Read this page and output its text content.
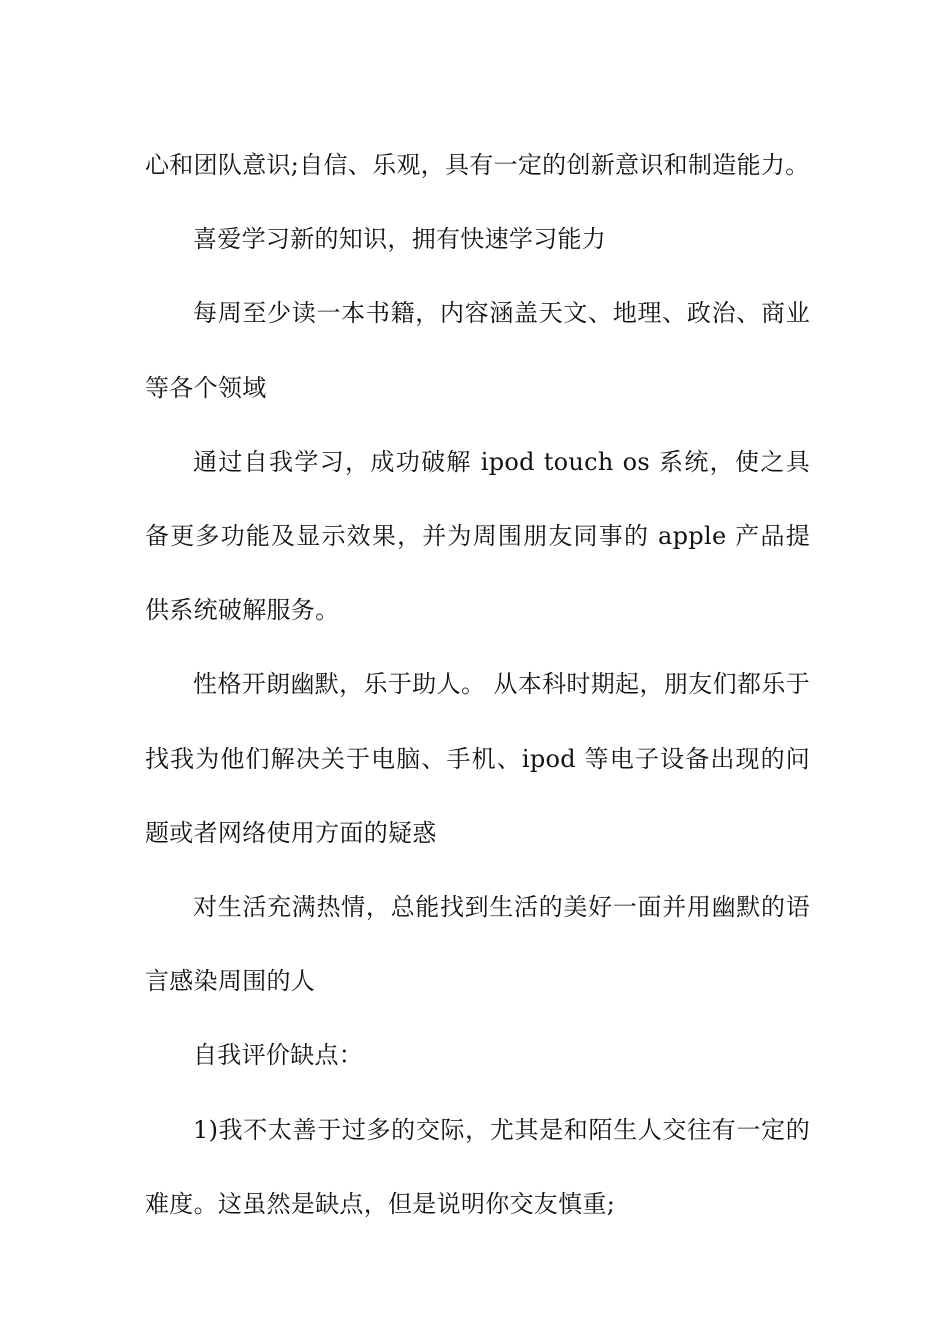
心和团队意识;自信、乐观，具有一定的创新意识和制造能力。

喜爱学习新的知识，拥有快速学习能力

每周至少读一本书籍，内容涵盖天文、地理、政治、商业等各个领域

通过自我学习，成功破解 ipod touch os 系统，使之具备更多功能及显示效果，并为周围朋友同事的 apple 产品提供系统破解服务。

性格开朗幽默，乐于助人。 从本科时期起，朋友们都乐于找我为他们解决关于电脑、手机、ipod 等电子设备出现的问题或者网络使用方面的疑惑

对生活充满热情，总能找到生活的美好一面并用幽默的语言感染周围的人

自我评价缺点：

1)我不太善于过多的交际，尤其是和陌生人交往有一定的难度。这虽然是缺点，但是说明你交友慎重;
